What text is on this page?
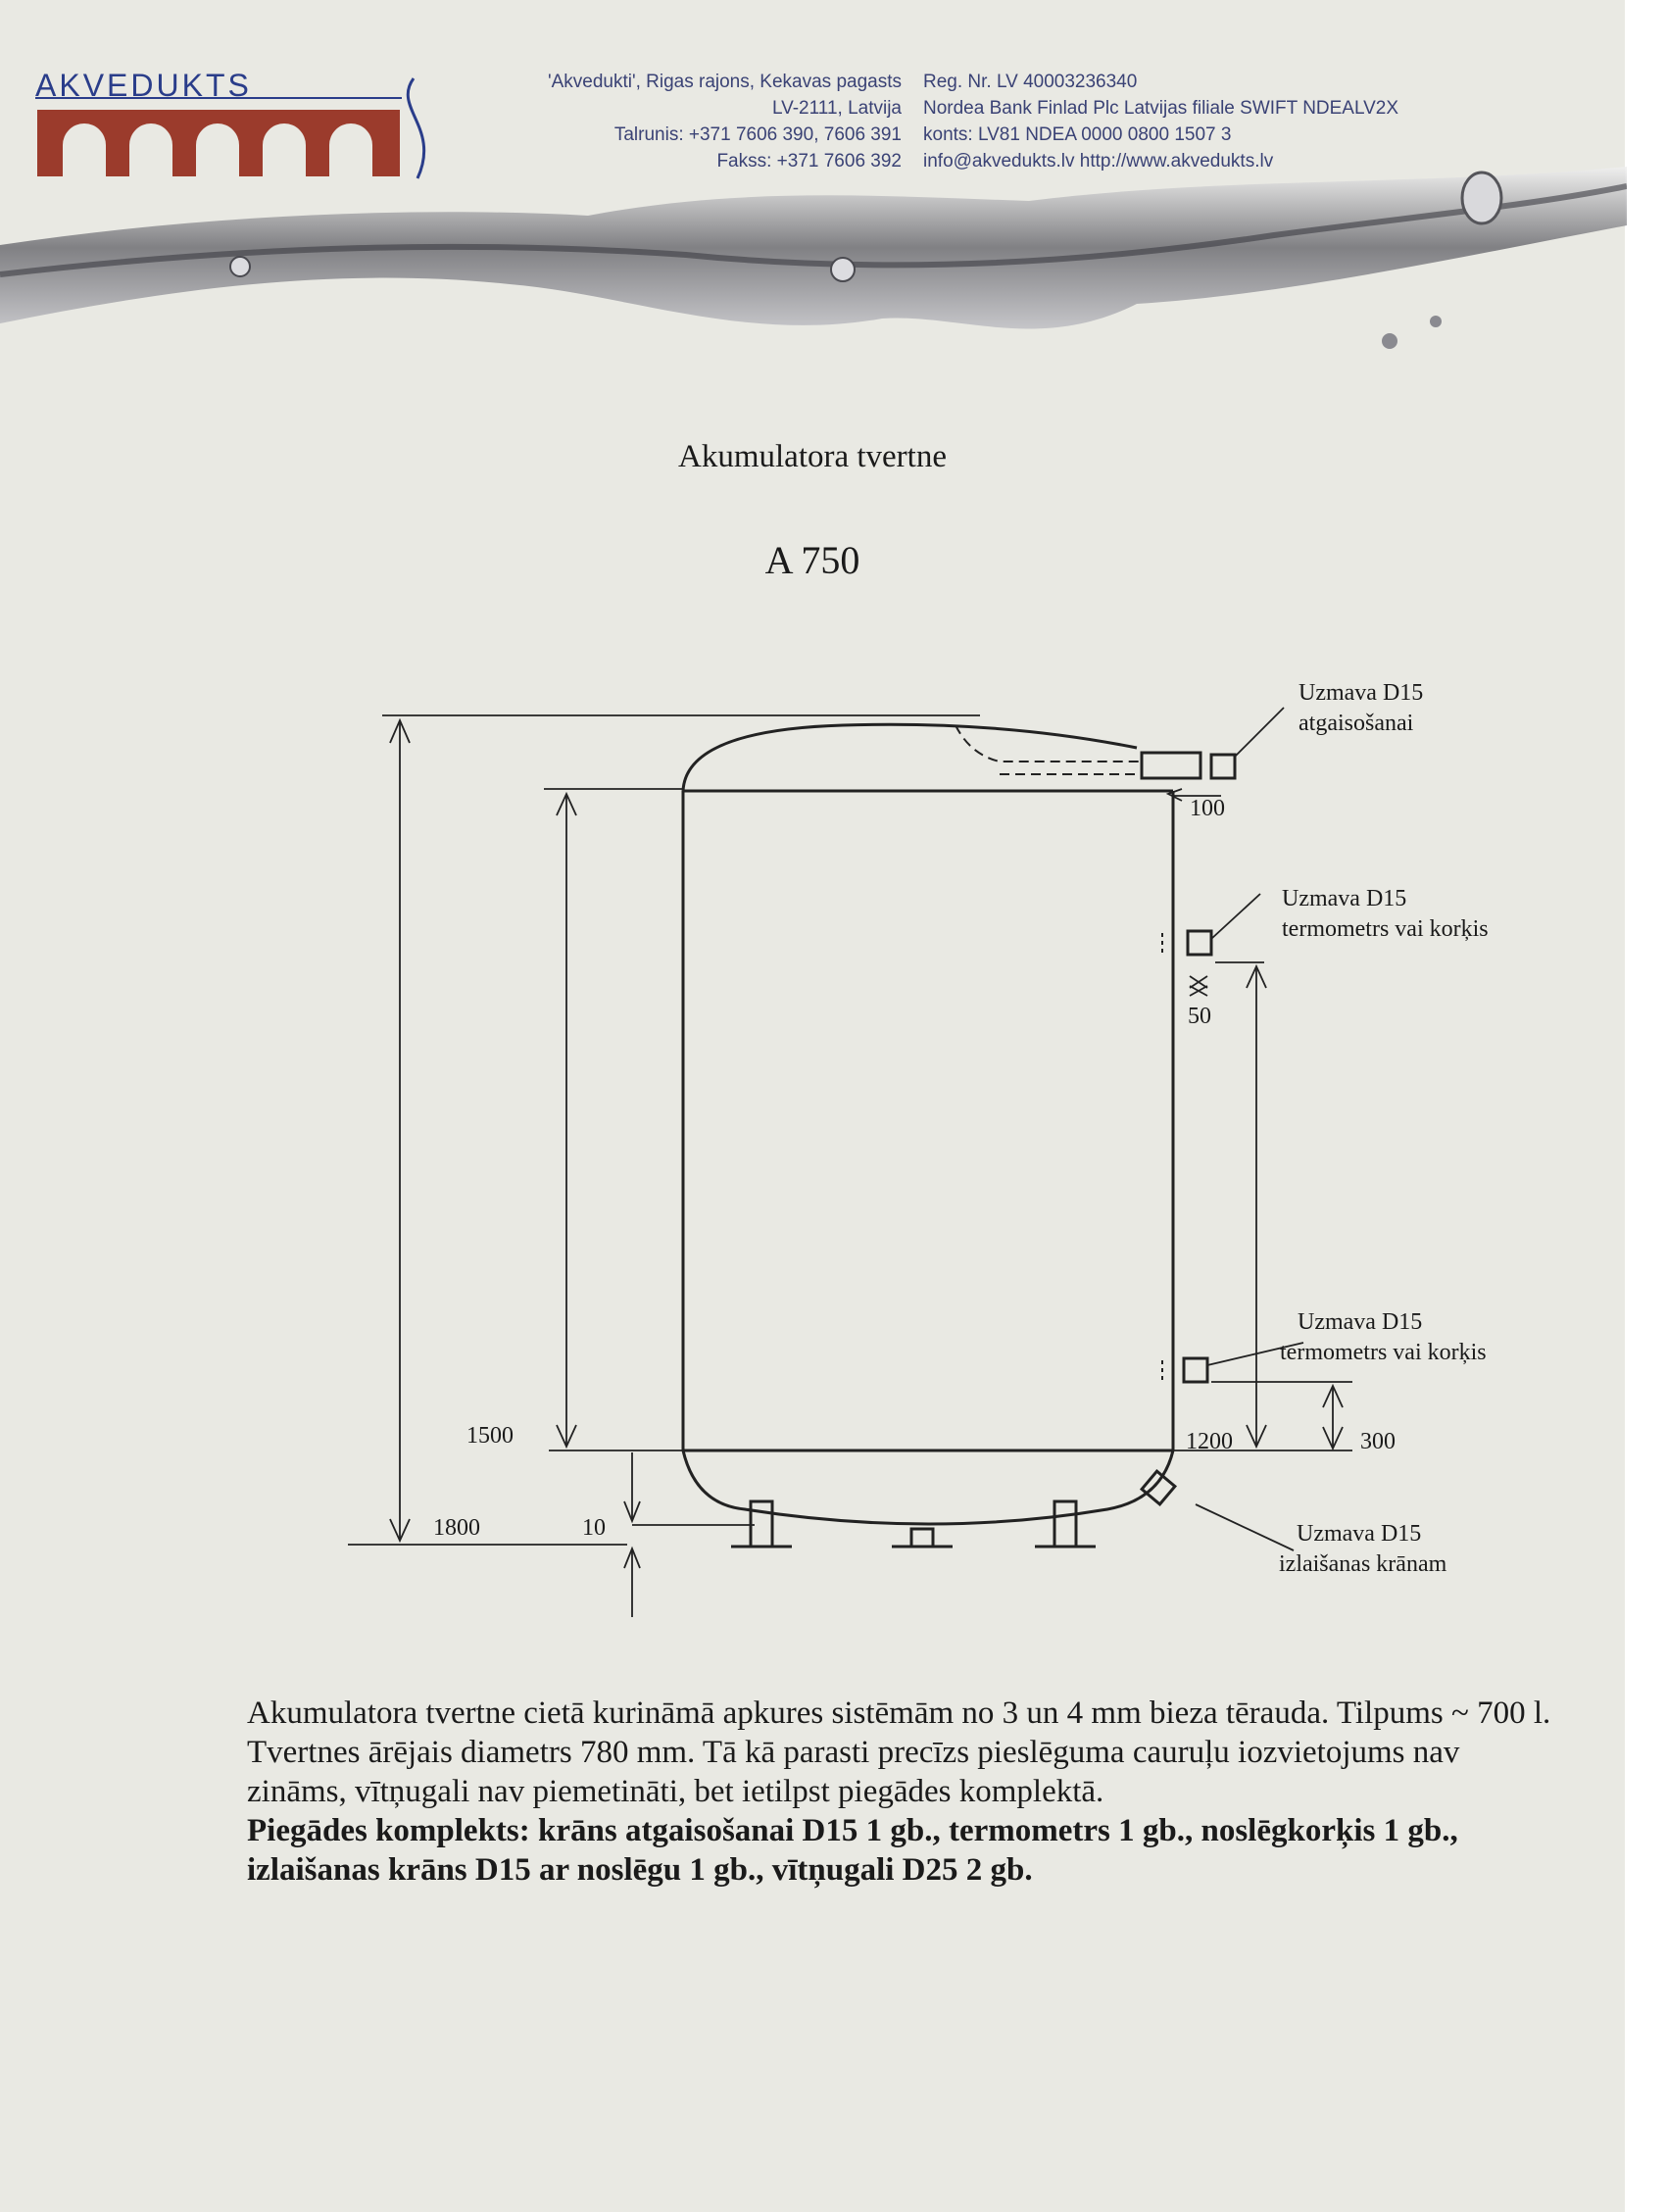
AKVEDUKTS	'Akvedukti', Rigas rajons, Kekavas pagasts
LV-2111, Latvija
Talrunis: +371 7606 390, 7606 391
Fakss: +371 7606 392
Reg. Nr. LV 40003236340
Nordea Bank Finlad Plc Latvijas filiale SWIFT NDEALV2X
konts: LV81 NDEA 0000 0800 1507 3
info@akvedukts.lv http://www.akvedukts.lv
Akumulatora tvertne
A 750
Uzmava D15
atgaisošanai
Uzmava D15
termometrs vai korķis
Uzmava D15
termometrs vai korķis
Uzmava D15
izlaišanas krānam
100
50
1500
1800	10
1200	300

Akumulatora tvertne cietā kurināmā apkures sistēmām no 3 un 4 mm bieza tērauda. Tilpums ~ 700 l. Tvertnes ārējais diametrs 780 mm. Tā kā parasti precīzs pieslēguma cauruļu iozvietojums nav zināms, vītņugali nav piemetināti, bet ietilpst piegādes komplektā.

Piegādes komplekts: krāns atgaisošanai D15 1 gb., termometrs 1 gb., noslēgkorķis 1 gb., izlaišanas krāns D15 ar noslēgu 1 gb., vītņugali D25 2 gb.
